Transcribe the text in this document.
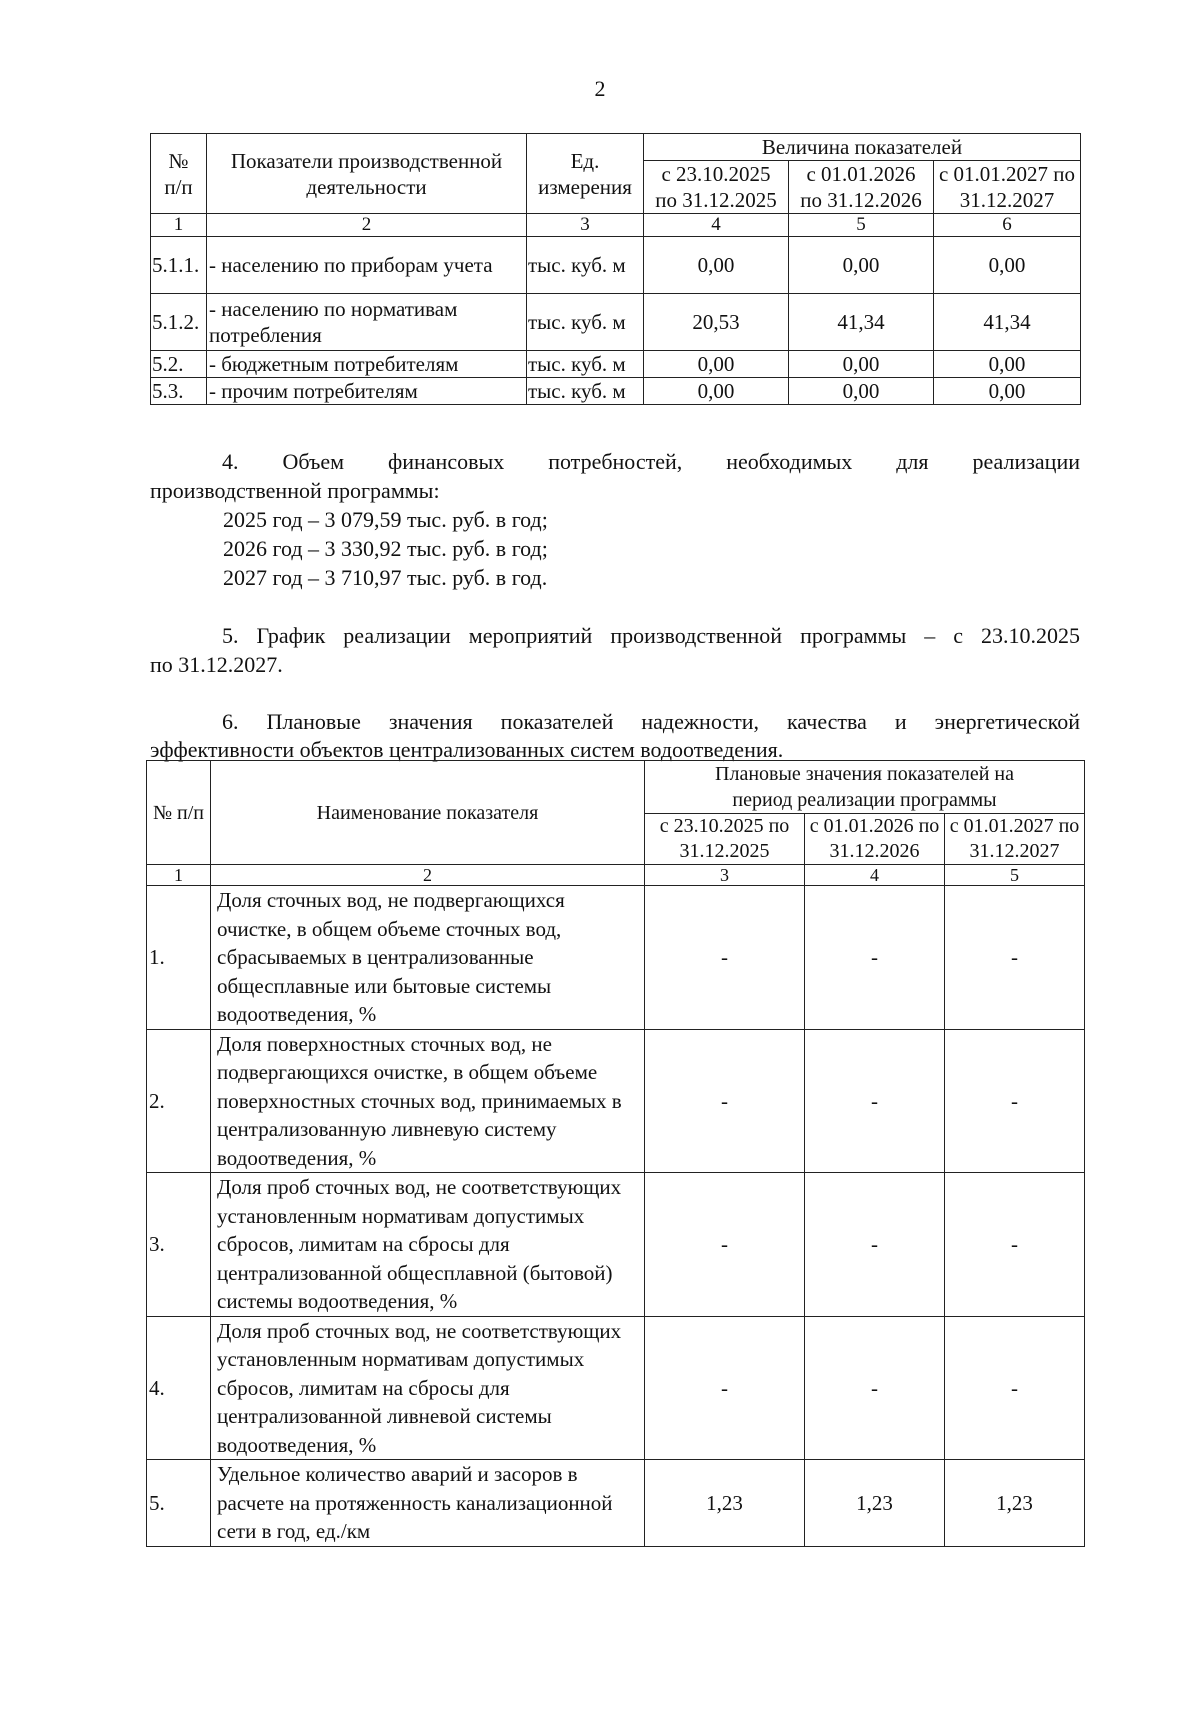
2
№
п/п	Показатели производственной деятельности	Ед. измерения	Величина показателей		
			с 23.10.2025 по 31.12.2025	с 01.01.2026 по 31.12.2026	с 01.01.2027 по 31.12.2027
1	2	3	4	5	6
5.1.1.	- населению по приборам учета	тыс. куб. м	0,00	0,00	0,00
5.1.2.	- населению по нормативам потребления	тыс. куб. м	20,53	41,34	41,34
5.2.	- бюджетным потребителям	тыс. куб. м	0,00	0,00	0,00
5.3.	- прочим потребителям	тыс. куб. м	0,00	0,00	0,00

4. Объем финансовых потребностей, необходимых для реализации

производственной программы:

2025 год – 3 079,59 тыс. руб. в год;

2026 год – 3 330,92 тыс. руб. в год;

2027 год – 3 710,97 тыс. руб. в год.

5. График реализации мероприятий производственной программы – с 23.10.2025

по 31.12.2027.

6. Плановые значения показателей надежности, качества и энергетической

эффективности объектов централизованных систем водоотведения.

№ п/п	Наименование показателя	Плановые значения показателей на период реализации программы		
		с 23.10.2025 по 31.12.2025	с 01.01.2026 по 31.12.2026	с 01.01.2027 по 31.12.2027
1	2	3	4	5
1.	Доля сточных вод, не подвергающихся очистке, в общем объеме сточных вод, сбрасываемых в централизованные общесплавные или бытовые системы водоотведения, %	-	-	-
2.	Доля поверхностных сточных вод, не подвергающихся очистке, в общем объеме поверхностных сточных вод, принимаемых в централизованную ливневую систему водоотведения, %	-	-	-
3.	Доля проб сточных вод, не соответствующих установленным нормативам допустимых сбросов, лимитам на сбросы для централизованной общесплавной (бытовой) системы водоотведения, %	-	-	-
4.	Доля проб сточных вод, не соответствующих установленным нормативам допустимых сбросов, лимитам на сбросы для централизованной ливневой системы водоотведения, %	-	-	-
5.	Удельное количество аварий и засоров в расчете на протяженность канализационной сети в год, ед./км	1,23	1,23	1,23
